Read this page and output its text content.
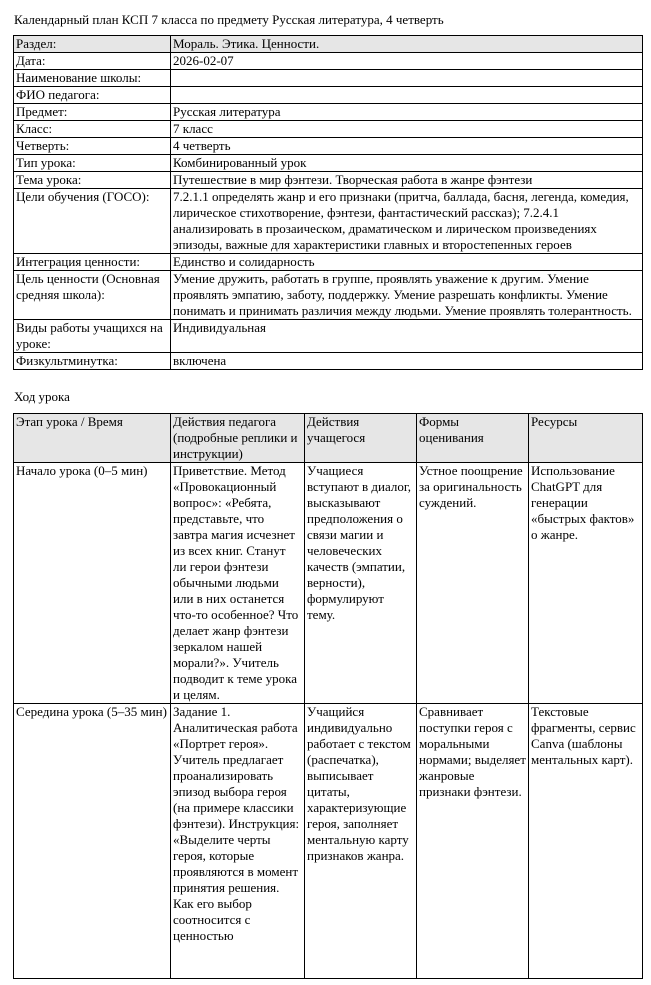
Календарный план КСП 7 класса по предмету Русская литература, 4 четверть
Раздел:	Мораль. Этика. Ценности.
Дата:	2026-02-07
Наименование школы:	
ФИО педагога:	
Предмет:	Русская литература
Класс:	7 класс
Четверть:	4 четверть
Тип урока:	Комбинированный урок
Тема урока:	Путешествие в мир фэнтези. Творческая работа в жанре фэнтези
Цели обучения (ГОСО):	7.2.1.1 определять жанр и его признаки (притча, баллада, басня, легенда, комедия, лирическое стихотворение, фэнтези, фантастический рассказ); 7.2.4.1 анализировать в прозаическом, драматическом и лирическом произведениях эпизоды, важные для характеристики главных и второстепенных героев
Интеграция ценности:	Единство и солидарность
Цель ценности (Основная средняя школа):	Умение дружить, работать в группе, проявлять уважение к другим. Умение проявлять эмпатию, заботу, поддержку. Умение разрешать конфликты. Умение понимать и принимать различия между людьми. Умение проявлять толерантность.
Виды работы учащихся на уроке:	Индивидуальная
Физкультминутка:	включена
Ход урока
Этап урока / Время	Действия педагога (подробные реплики и инструкции)	Действия учащегося	Формы оценивания	Ресурсы
Начало урока (0–5 мин)	Приветствие. Метод «Провокационный вопрос»: «Ребята, представьте, что завтра магия исчезнет из всех книг. Станут ли герои фэнтези обычными людьми или в них останется что-то особенное? Что делает жанр фэнтези зеркалом нашей морали?». Учитель подводит к теме урока и целям.	Учащиеся вступают в диалог, высказывают предположения о связи магии и человеческих качеств (эмпатии, верности), формулируют тему.	Устное поощрение за оригинальность суждений.	Использование ChatGPT для генерации «быстрых фактов» о жанре.
Середина урока (5–35 мин)	Задание 1. Аналитическая работа «Портрет героя». Учитель предлагает проанализировать эпизод выбора героя (на примере классики фэнтези). Инструкция: «Выделите черты героя, которые проявляются в момент принятия решения. Как его выбор соотносится с ценностью	Учащийся индивидуально работает с текстом (распечатка), выписывает цитаты, характеризующие героя, заполняет ментальную карту признаков жанра.	Сравнивает поступки героя с моральными нормами; выделяет жанровые признаки фэнтези.	Текстовые фрагменты, сервис Canva (шаблоны ментальных карт).
